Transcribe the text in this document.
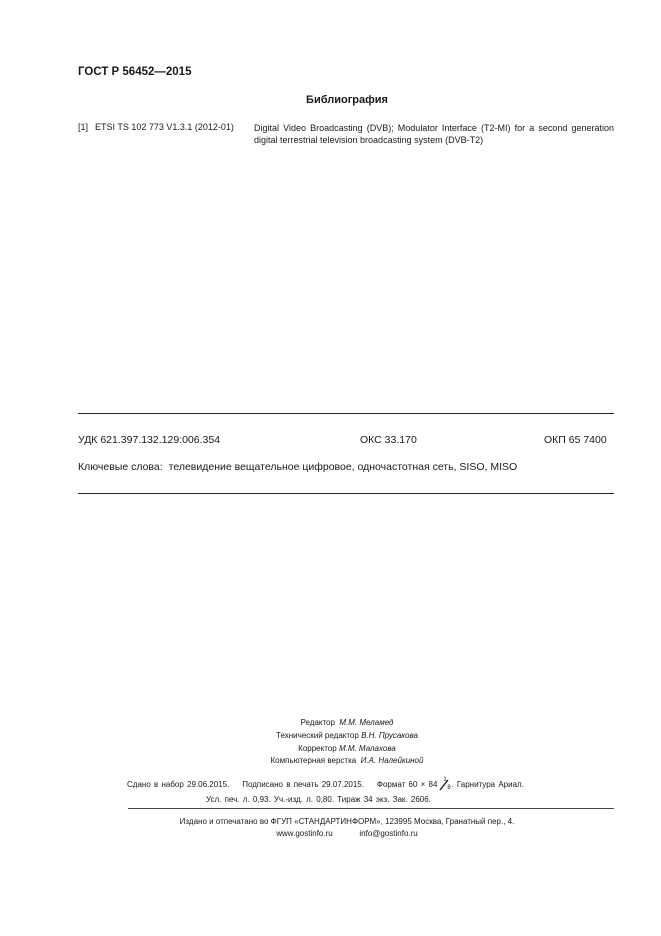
ГОСТ Р 56452—2015
Библиография
[1] ETSI TS 102 773 V1.3.1 (2012-01) Digital Video Broadcasting (DVB); Modulator Interface (T2-MI) for a second generation digital terrestrial television broadcasting system (DVB-T2)
УДК 621.397.132.129:006.354	ОКС 33.170	ОКП 65 7400
Ключевые слова: телевидение вещательное цифровое, одночастотная сеть, SISO, MISO
Редактор М.М. Меламед
Технический редактор В.Н. Прусакова
Корректор М.М. Малахова
Компьютерная верстка И.А. Налейкиной
Сдано в набор 29.06.2015. Подписано в печать 29.07.2015. Формат 60 × 84
1
8 . Гарнитура Ариал.
Усл. печ. л. 0,93. Уч.-изд. л. 0,80. Тираж 34 экз. Зак. 2606.
Издано и отпечатано во ФГУП «СТАНДАРТИНФОРМ», 123995 Москва, Гранатный пер., 4.
www.gostinfo.ru	info@gostinfo.ru
